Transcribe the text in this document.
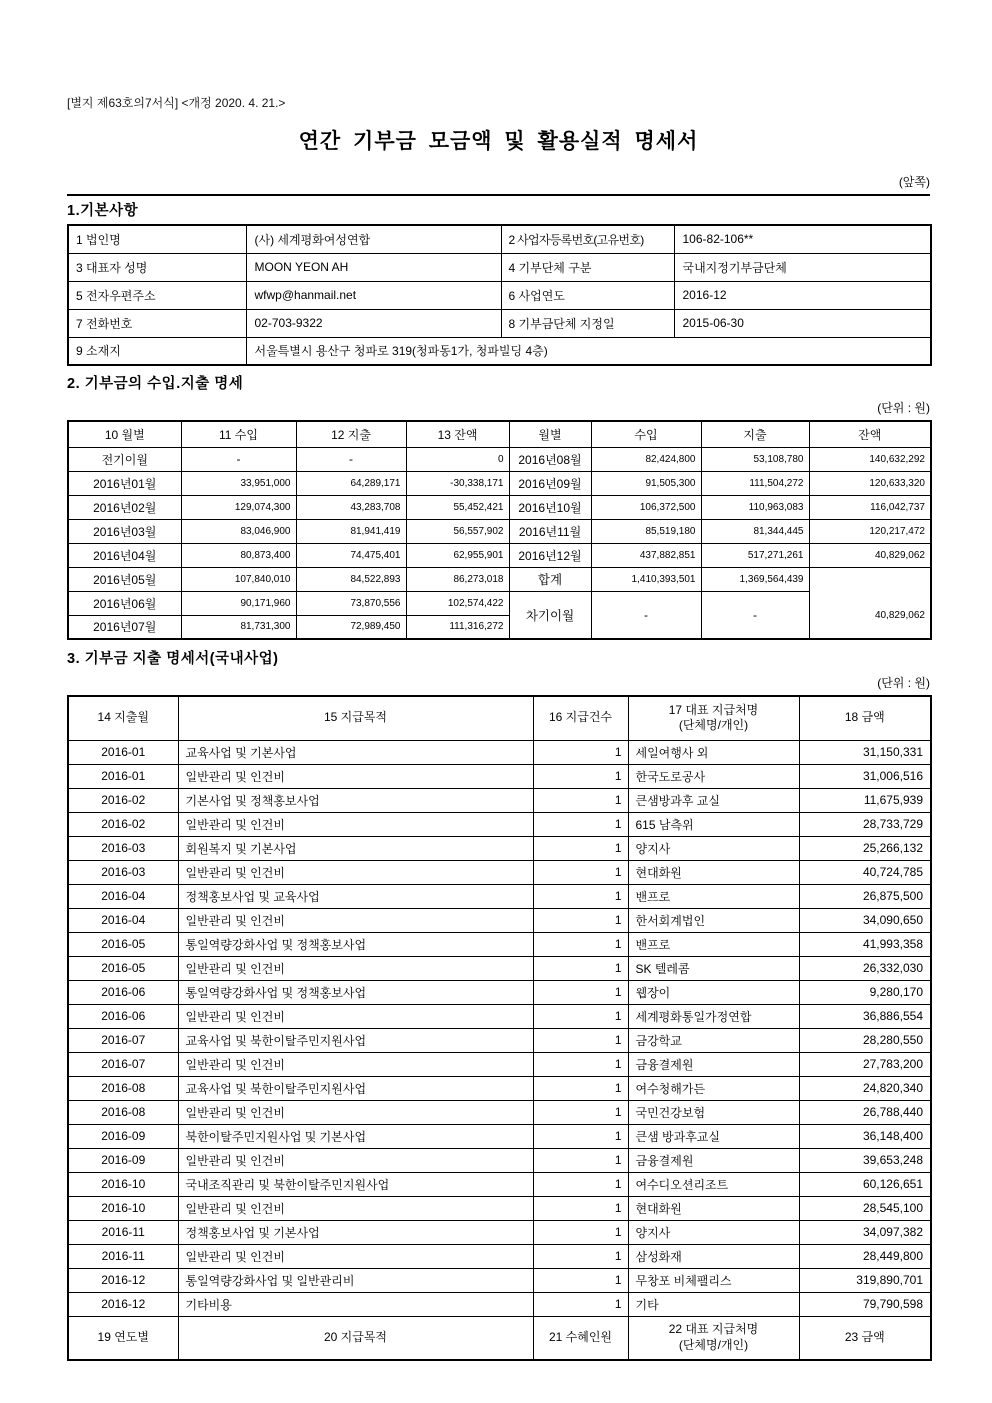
[별지 제63호의7서식] <개정 2020. 4. 21.>
연간 기부금 모금액 및 활용실적 명세서
(앞쪽)
1.기본사항
1 법인명	(사) 세계평화여성연합	2 사업자등록번호(고유번호)	106-82-106**
3 대표자 성명	MOON YEON AH	4 기부단체 구분	국내지정기부금단체
5 전자우편주소	wfwp@hanmail.net	6 사업연도	2016-12
7 전화번호	02-703-9322	8 기부금단체 지정일	2015-06-30
9 소재지	서울특별시 용산구 청파로 319(청파동1가, 청파빌딩 4층)		
2. 기부금의 수입.지출 명세
(단위 : 원)
10 월별	11 수입	12 지출	13 잔액	월별	수입	지출	잔액
전기이월	-	-	0	2016년08월	82,424,800	53,108,780	140,632,292
2016년01월	33,951,000	64,289,171	-30,338,171	2016년09월	91,505,300	111,504,272	120,633,320
2016년02월	129,074,300	43,283,708	55,452,421	2016년10월	106,372,500	110,963,083	116,042,737
2016년03월	83,046,900	81,941,419	56,557,902	2016년11월	85,519,180	81,344,445	120,217,472
2016년04월	80,873,400	74,475,401	62,955,901	2016년12월	437,882,851	517,271,261	40,829,062
2016년05월	107,840,010	84,522,893	86,273,018	합계	1,410,393,501	1,369,564,439	40,829,062
2016년06월	90,171,960	73,870,556	102,574,422	차기이월	-	-	
2016년07월	81,731,300	72,989,450	111,316,272				
3. 기부금 지출 명세서(국내사업)
(단위 : 원)
14 지출월	15 지급목적	16 지급건수	17 대표 지급처명
(단체명/개인)	18 금액
2016-01	교육사업 및 기본사업	1	세일여행사 외	31,150,331
2016-01	일반관리 및 인건비	1	한국도로공사	31,006,516
2016-02	기본사업 및 정책홍보사업	1	큰샘방과후 교실	11,675,939
2016-02	일반관리 및 인건비	1	615 남측위	28,733,729
2016-03	회원복지 및 기본사업	1	양지사	25,266,132
2016-03	일반관리 및 인건비	1	현대화원	40,724,785
2016-04	정책홍보사업 및 교육사업	1	밴프로	26,875,500
2016-04	일반관리 및 인건비	1	한서회계법인	34,090,650
2016-05	통일역량강화사업 및 정책홍보사업	1	밴프로	41,993,358
2016-05	일반관리 및 인건비	1	SK 텔레콤	26,332,030
2016-06	통일역량강화사업 및 정책홍보사업	1	웹장이	9,280,170
2016-06	일반관리 및 인건비	1	세계평화통일가정연합	36,886,554
2016-07	교육사업 및 북한이탈주민지원사업	1	금강학교	28,280,550
2016-07	일반관리 및 인건비	1	금융결제원	27,783,200
2016-08	교육사업 및 북한이탈주민지원사업	1	여수청해가든	24,820,340
2016-08	일반관리 및 인건비	1	국민건강보험	26,788,440
2016-09	북한이탈주민지원사업 및 기본사업	1	큰샘 방과후교실	36,148,400
2016-09	일반관리 및 인건비	1	금융결제원	39,653,248
2016-10	국내조직관리 및 북한이탈주민지원사업	1	여수디오션리조트	60,126,651
2016-10	일반관리 및 인건비	1	현대화원	28,545,100
2016-11	정책홍보사업 및 기본사업	1	양지사	34,097,382
2016-11	일반관리 및 인건비	1	삼성화재	28,449,800
2016-12	통일역량강화사업 및 일반관리비	1	무창포 비체팰리스	319,890,701
2016-12	기타비용	1	기타	79,790,598
19 연도별	20 지급목적	21 수혜인원	22 대표 지급처명
(단체명/개인)	23 금액
